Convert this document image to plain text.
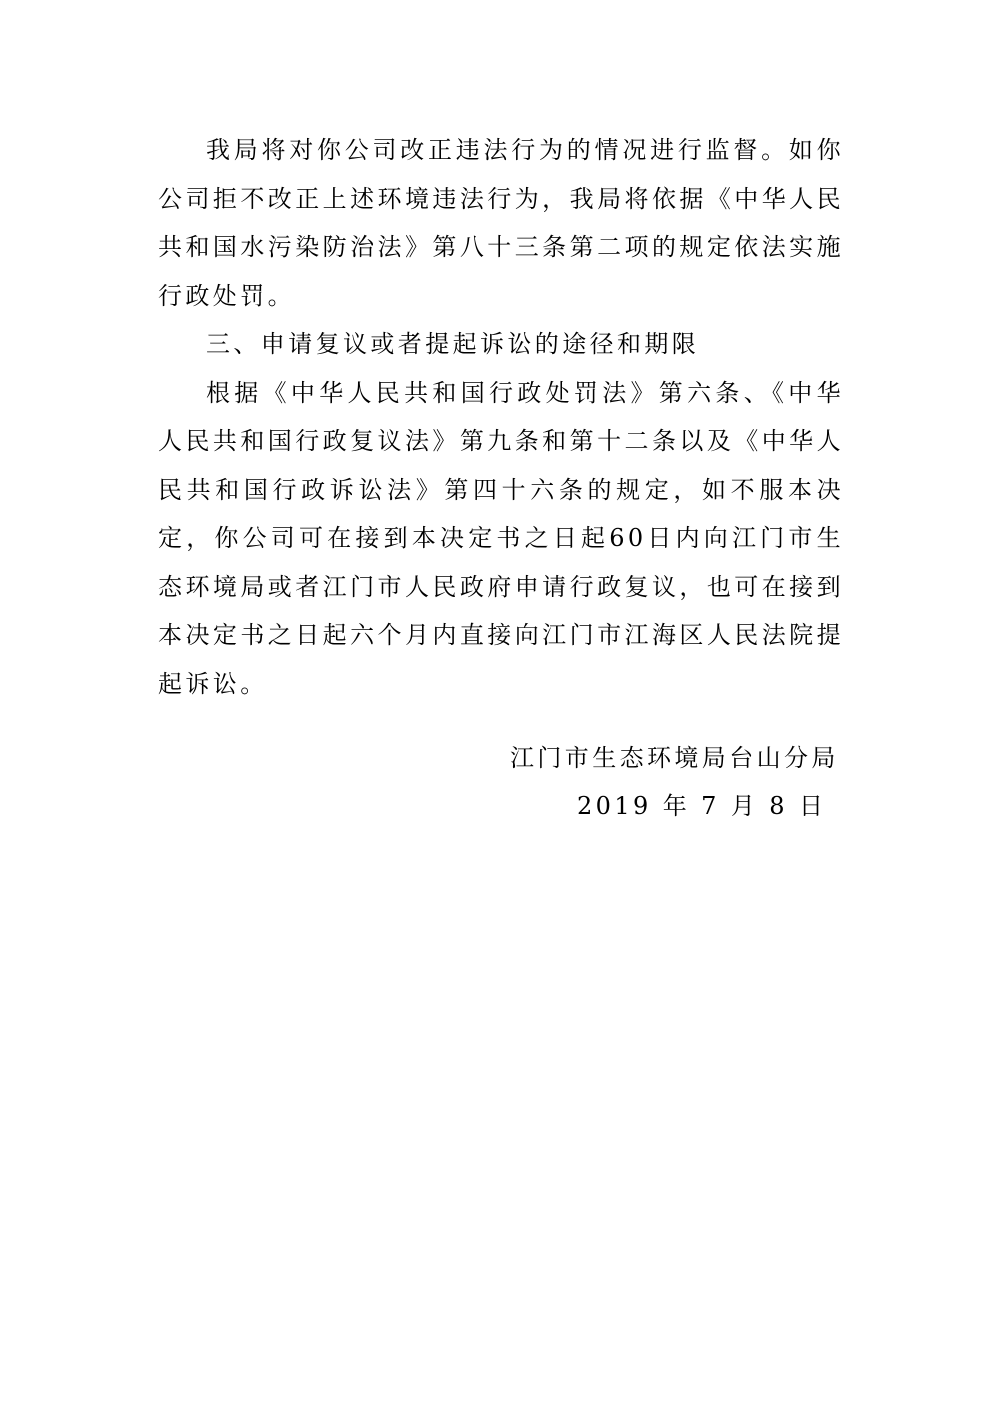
我局将对你公司改正违法行为的情况进行监督。如你公司拒不改正上述环境违法行为，我局将依据《中华人民共和国水污染防治法》第八十三条第二项的规定依法实施行政处罚。

三、申请复议或者提起诉讼的途径和期限

根据《中华人民共和国行政处罚法》第六条、《中华人民共和国行政复议法》第九条和第十二条以及《中华人民共和国行政诉讼法》第四十六条的规定，如不服本决定，你公司可在接到本决定书之日起60日内向江门市生态环境局或者江门市人民政府申请行政复议，也可在接到本决定书之日起六个月内直接向江门市江海区人民法院提起诉讼。

江门市生态环境局台山分局
2019 年 7 月 8 日
